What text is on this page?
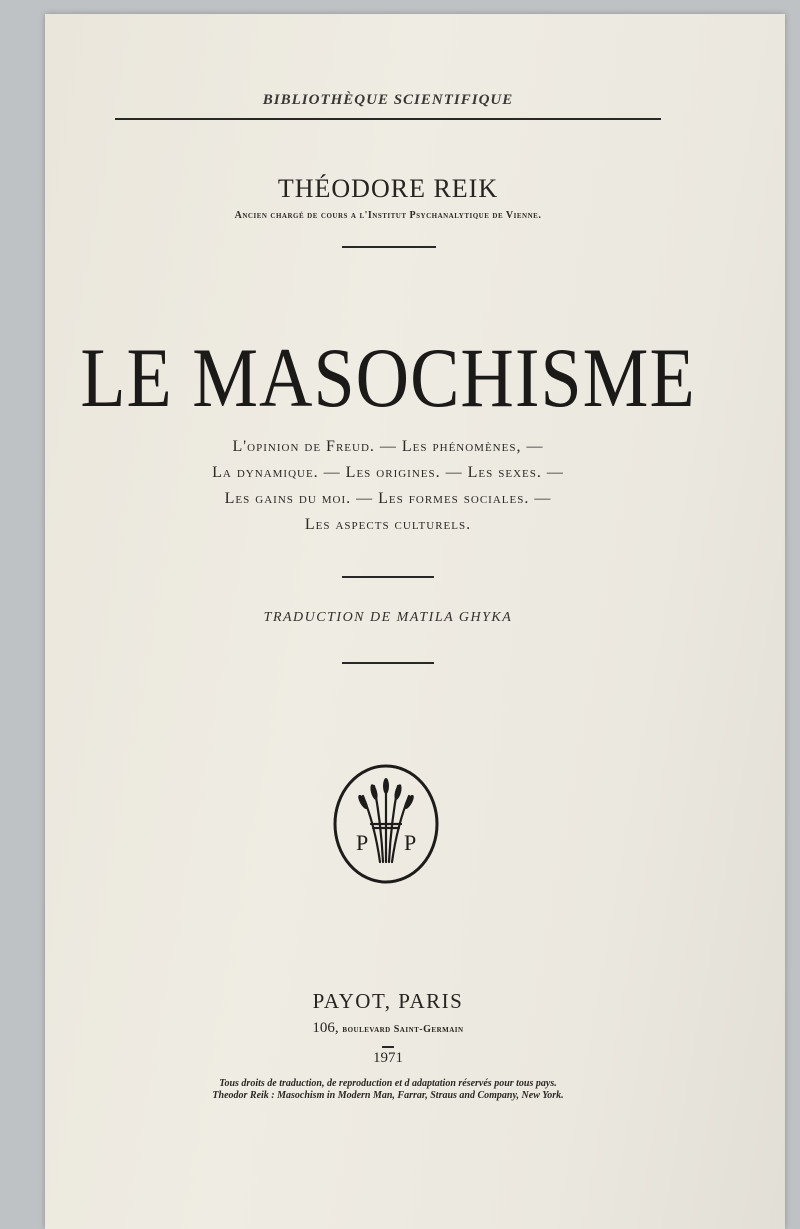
BIBLIOTHÈQUE SCIENTIFIQUE
THÉODORE REIK
Ancien chargé de cours a l'Institut Psychanalytique de Vienne.
LE MASOCHISME
L'opinion de Freud. — Les phénomènes, —
La dynamique. — Les origines. — Les sexes. —
Les gains du moi. — Les formes sociales. —
Les aspects culturels.
TRADUCTION DE MATILA GHYKA
P P
PAYOT, PARIS
106, boulevard Saint-Germain
1971
Tous droits de traduction, de reproduction et d adaptation réservés pour tous pays.
Theodor Reik : Masochism in Modern Man, Farrar, Straus and Company, New York.
